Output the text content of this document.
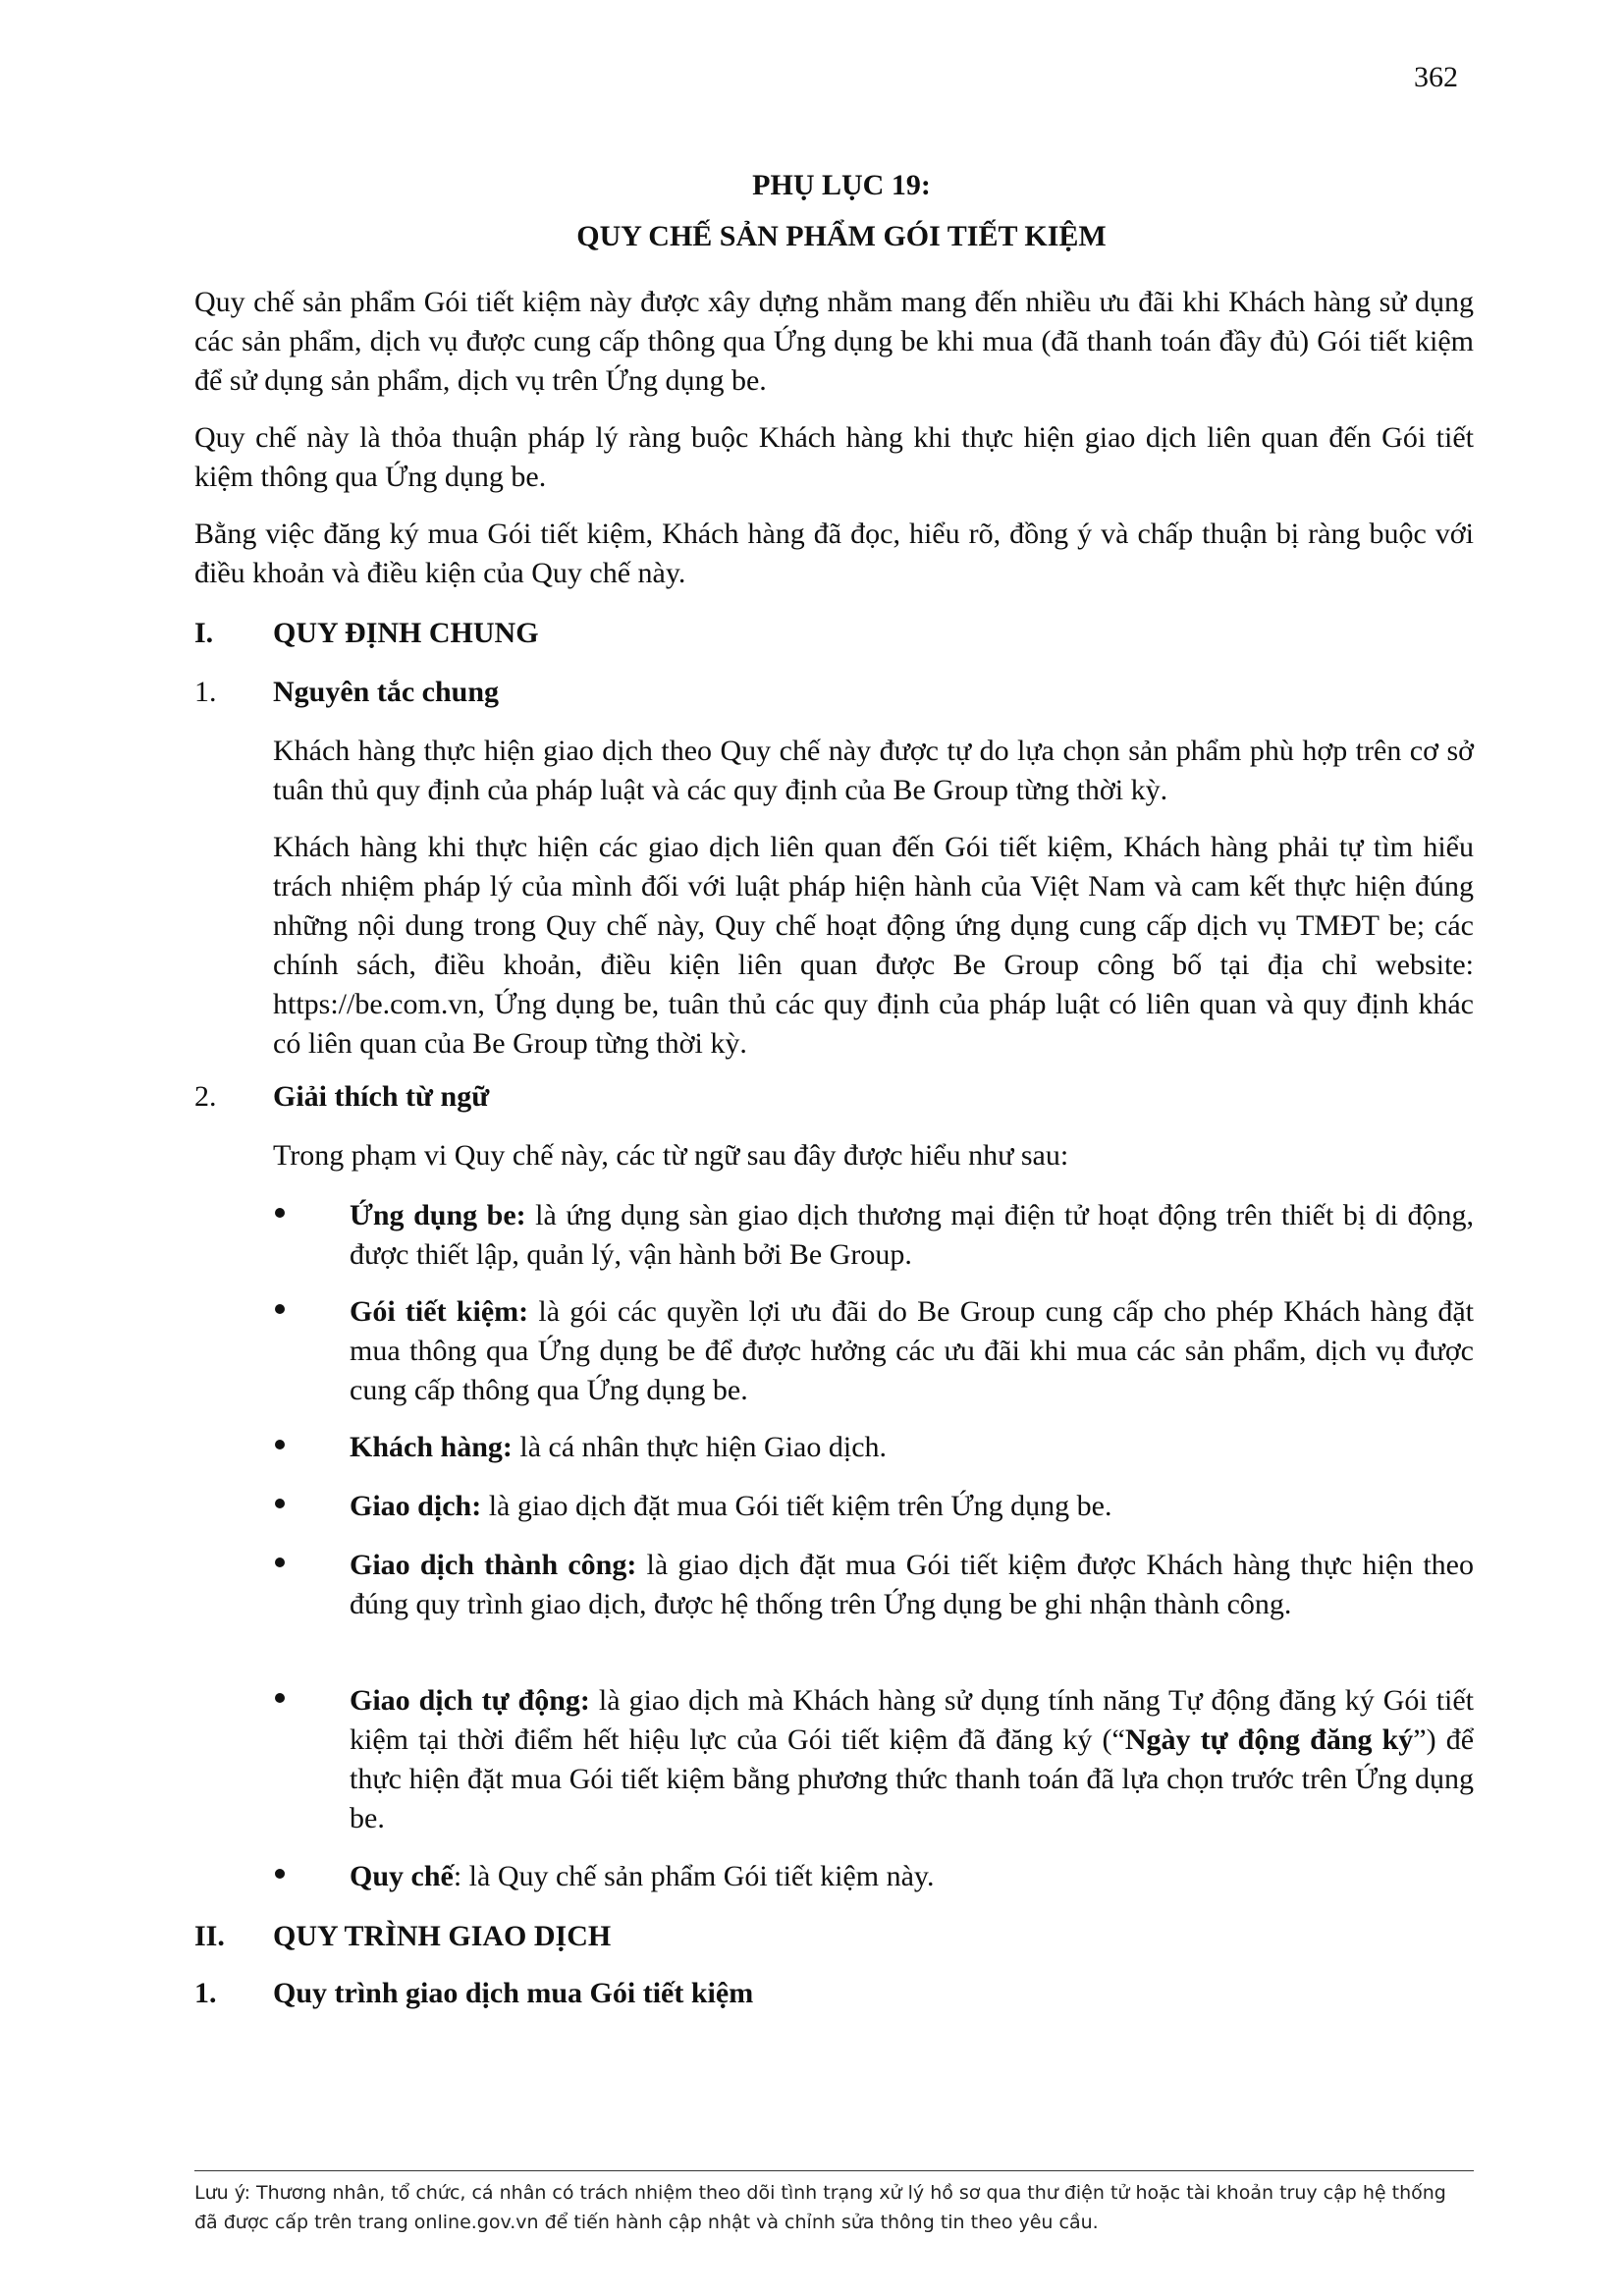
362
PHỤ LỤC 19:
QUY CHẾ SẢN PHẨM GÓI TIẾT KIỆM

Quy chế sản phẩm Gói tiết kiệm này được xây dựng nhằm mang đến nhiều ưu đãi khi Khách hàng sử dụng các sản phẩm, dịch vụ được cung cấp thông qua Ứng dụng be khi mua (đã thanh toán đầy đủ) Gói tiết kiệm để sử dụng sản phẩm, dịch vụ trên Ứng dụng be.

Quy chế này là thỏa thuận pháp lý ràng buộc Khách hàng khi thực hiện giao dịch liên quan đến Gói tiết kiệm thông qua Ứng dụng be.

Bằng việc đăng ký mua Gói tiết kiệm, Khách hàng đã đọc, hiểu rõ, đồng ý và chấp thuận bị ràng buộc với điều khoản và điều kiện của Quy chế này.

I. QUY ĐỊNH CHUNG
1. Nguyên tắc chung

Khách hàng thực hiện giao dịch theo Quy chế này được tự do lựa chọn sản phẩm phù hợp trên cơ sở tuân thủ quy định của pháp luật và các quy định của Be Group từng thời kỳ.

Khách hàng khi thực hiện các giao dịch liên quan đến Gói tiết kiệm, Khách hàng phải tự tìm hiểu trách nhiệm pháp lý của mình đối với luật pháp hiện hành của Việt Nam và cam kết thực hiện đúng những nội dung trong Quy chế này, Quy chế hoạt động ứng dụng cung cấp dịch vụ TMĐT be; các chính sách, điều khoản, điều kiện liên quan được Be Group công bố tại địa chỉ website: https://be.com.vn, Ứng dụng be, tuân thủ các quy định của pháp luật có liên quan và quy định khác có liên quan của Be Group từng thời kỳ.

2. Giải thích từ ngữ

Trong phạm vi Quy chế này, các từ ngữ sau đây được hiểu như sau:

Ứng dụng be: là ứng dụng sàn giao dịch thương mại điện tử hoạt động trên thiết bị di động, được thiết lập, quản lý, vận hành bởi Be Group.

Gói tiết kiệm: là gói các quyền lợi ưu đãi do Be Group cung cấp cho phép Khách hàng đặt mua thông qua Ứng dụng be để được hưởng các ưu đãi khi mua các sản phẩm, dịch vụ được cung cấp thông qua Ứng dụng be.

Khách hàng: là cá nhân thực hiện Giao dịch.

Giao dịch: là giao dịch đặt mua Gói tiết kiệm trên Ứng dụng be.

Giao dịch thành công: là giao dịch đặt mua Gói tiết kiệm được Khách hàng thực hiện theo đúng quy trình giao dịch, được hệ thống trên Ứng dụng be ghi nhận thành công.

Giao dịch tự động: là giao dịch mà Khách hàng sử dụng tính năng Tự động đăng ký Gói tiết kiệm tại thời điểm hết hiệu lực của Gói tiết kiệm đã đăng ký (“Ngày tự động đăng ký”) để thực hiện đặt mua Gói tiết kiệm bằng phương thức thanh toán đã lựa chọn trước trên Ứng dụng be.

Quy chế: là Quy chế sản phẩm Gói tiết kiệm này.

II. QUY TRÌNH GIAO DỊCH
1. Quy trình giao dịch mua Gói tiết kiệm

Lưu ý: Thương nhân, tổ chức, cá nhân có trách nhiệm theo dõi tình trạng xử lý hồ sơ qua thư điện tử hoặc tài khoản truy cập hệ thống đã được cấp trên trang online.gov.vn để tiến hành cập nhật và chỉnh sửa thông tin theo yêu cầu.
